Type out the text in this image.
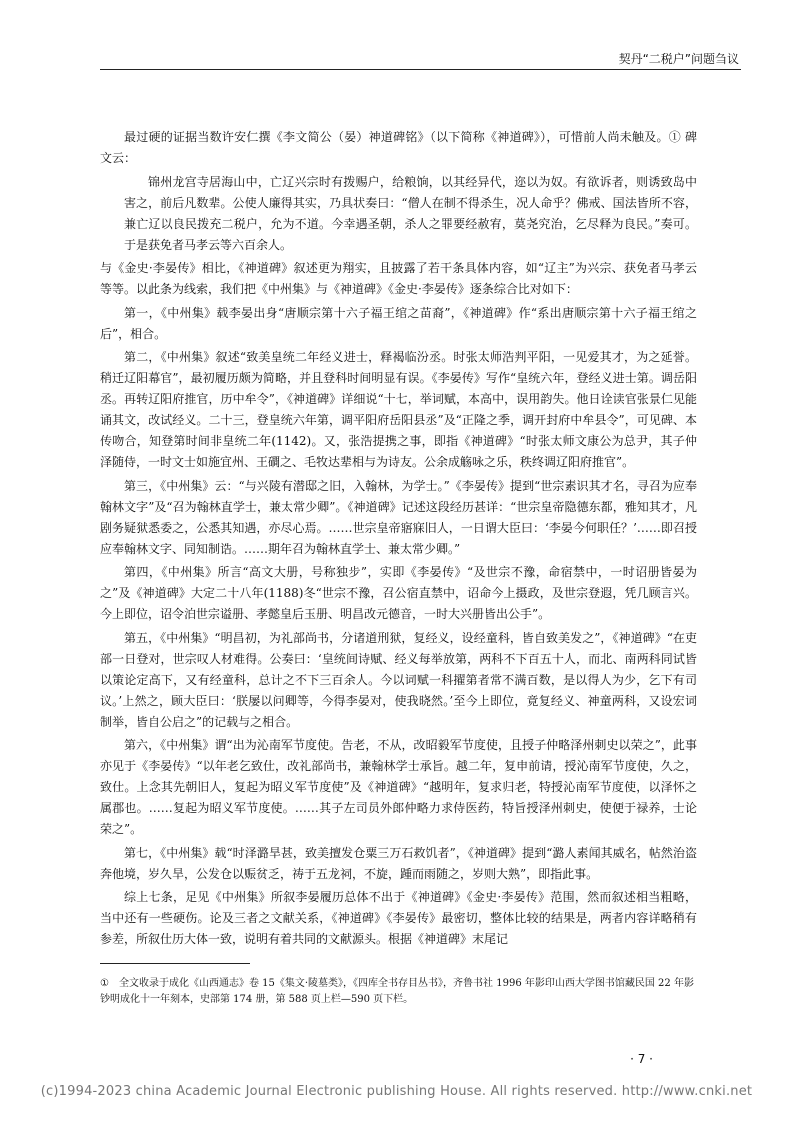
契丹“二税户”问题刍议

最过硬的证据当数许安仁撰《李文简公（晏）神道碑铭》（以下简称《神道碑》），可惜前人尚未触及。① 碑文云：

锦州龙宫寺居海山中，亡辽兴宗时有拨赐户，给粮饷，以其经异代，迩以为奴。有欲诉者，则诱致岛中害之，前后凡数辈。公使人廉得其实，乃具状奏曰：“僧人在制不得杀生，况人命乎？佛戒、国法皆所不容，兼亡辽以良民拨充二税户，允为不道。今幸遇圣朝，杀人之罪要经赦宥，莫尧究治，乞尽释为良民。”奏可。于是获免者马孝云等六百余人。

与《金史·李晏传》相比，《神道碑》叙述更为翔实，且披露了若干条具体内容，如“辽主”为兴宗、获免者马孝云等等。以此条为线索，我们把《中州集》与《神道碑》《金史·李晏传》逐条综合比对如下：

第一，《中州集》载李晏出身“唐顺宗第十六子福王绾之苗裔”，《神道碑》作“系出唐顺宗第十六子福王绾之后”，相合。

第二，《中州集》叙述“致美皇统二年经义进士，释褐临汾丞。时张太师浩判平阳，一见爱其才，为之延誉。稍迁辽阳幕官”，最初履历颇为简略，并且登科时间明显有误。《李晏传》写作“皇统六年，登经义进士第。调岳阳丞。再转辽阳府推官，历中牟令”，《神道碑》详细说“十七，举词赋，本高中，误用韵失。他日诠读官张景仁见能诵其文，改试经义。二十三，登皇统六年第，调平阳府岳阳县丞”及“正隆之季，调开封府中牟县令”，可见碑、本传吻合，知登第时间非皇统二年(1142)。又，张浩提携之事，即指《神道碑》“时张太师文康公为总尹，其子仲泽随侍，一时文士如施宜州、王磵之、毛牧达辈相与为诗友。公余成觞咏之乐，秩终调辽阳府推官”。

第三，《中州集》云：“与兴陵有潜邸之旧，入翰林，为学士。”《李晏传》提到“世宗素识其才名，寻召为应奉翰林文字”及“召为翰林直学士，兼太常少卿”。《神道碑》记述这段经历甚详：“世宗皇帝隐德东都，雅知其才，凡剧务疑狱悉委之，公悉其知遇，亦尽心焉。……世宗皇帝寤寐旧人，一日谓大臣曰：‘李晏今何职任？’……即召授应奉翰林文字、同知制诰。……期年召为翰林直学士、兼太常少卿。”

第四，《中州集》所言“高文大册，号称独步”，实即《李晏传》“及世宗不豫，命宿禁中，一时诏册皆晏为之”及《神道碑》大定二十八年(1188)冬“世宗不豫，召公宿直禁中，诏命今上摄政，及世宗登遐，凭几顾言兴。今上即位，诏令泊世宗谥册、孝懿皇后玉册、明昌改元德音，一时大兴册皆出公手”。

第五，《中州集》“明昌初，为礼部尚书，分诸道刑狱，复经义，设经童科，皆自致美发之”，《神道碑》“在吏部一日登对，世宗叹人材难得。公奏曰：‘皇统间诗赋、经义每举放第，两科不下百五十人，而北、南两科同试皆以策论定高下，又有经童科，总计之不下三百余人。今以词赋一科擢第者常不满百数，是以得人为少，乞下有司议。’上然之，顾大臣曰：‘朕屡以问卿等，今得李晏对，使我晓然。’至今上即位，竟复经义、神童两科，又设宏词制举，皆自公启之”的记载与之相合。

第六，《中州集》谓“出为沁南军节度使。告老，不从，改昭毅军节度使，且授子仲略泽州刺史以荣之”，此事亦见于《李晏传》“以年老乞致仕，改礼部尚书，兼翰林学士承旨。越二年，复申前请，授沁南军节度使，久之，致仕。上念其先朝旧人，复起为昭义军节度使”及《神道碑》“越明年，复求归老，特授沁南军节度使，以泽怀之属郡也。……复起为昭义军节度使。……其子左司员外郎仲略力求侍医药，特旨授泽州刺史，使便于禄养，士论荣之”。

第七，《中州集》载“时泽潞旱甚，致美擅发仓粟三万石救饥者”，《神道碑》提到“潞人素闻其威名，帖然治盗奔他境，岁久旱，公发仓以赈贫乏，祷于五龙祠，不旋，踵而雨随之，岁则大熟”，即指此事。

综上七条，足见《中州集》所叙李晏履历总体不出于《神道碑》《金史·李晏传》范围，然而叙述相当粗略，当中还有一些硬伤。论及三者之文献关系，《神道碑》《李晏传》最密切，整体比较的结果是，两者内容详略稍有参差，所叙仕历大体一致，说明有着共同的文献源头。根据《神道碑》末尾记

① 全文收录于成化《山西通志》卷 15《集文·陵墓类》，《四库全书存目丛书》，齐鲁书社 1996 年影印山西大学图书馆藏民国 22 年影钞明成化十一年刻本，史部第 174 册，第 588 页上栏—590 页下栏。
· 7 ·
(c)1994-2023 china Academic Journal Electronic publishing House. All rights reserved. http://www.cnki.net
